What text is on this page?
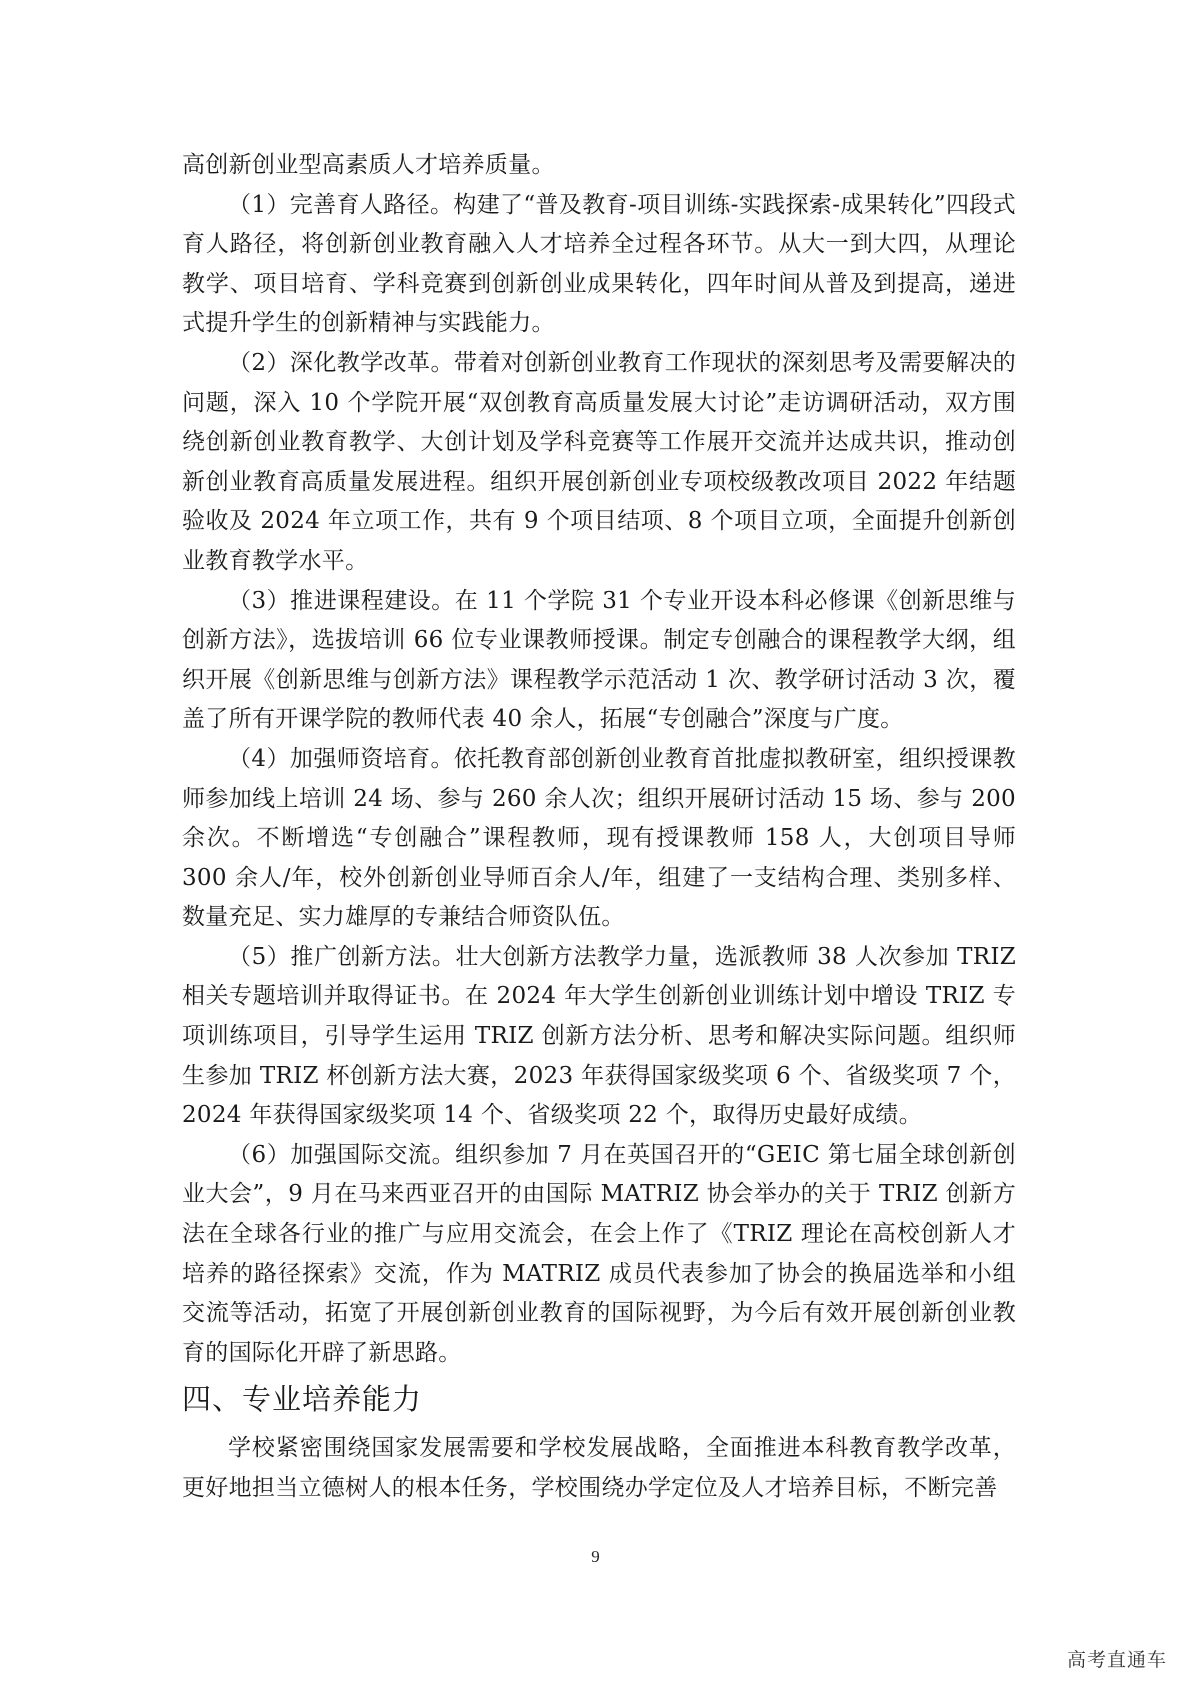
高创新创业型高素质人才培养质量。

（1）完善育人路径。构建了“普及教育-项目训练-实践探索-成果转化”四段式育人路径，将创新创业教育融入人才培养全过程各环节。从大一到大四，从理论教学、项目培育、学科竞赛到创新创业成果转化，四年时间从普及到提高，递进式提升学生的创新精神与实践能力。

（2）深化教学改革。带着对创新创业教育工作现状的深刻思考及需要解决的问题，深入 10 个学院开展“双创教育高质量发展大讨论”走访调研活动，双方围绕创新创业教育教学、大创计划及学科竞赛等工作展开交流并达成共识，推动创新创业教育高质量发展进程。组织开展创新创业专项校级教改项目 2022 年结题验收及 2024 年立项工作，共有 9 个项目结项、8 个项目立项，全面提升创新创业教育教学水平。

（3）推进课程建设。在 11 个学院 31 个专业开设本科必修课《创新思维与创新方法》，选拔培训 66 位专业课教师授课。制定专创融合的课程教学大纲，组织开展《创新思维与创新方法》课程教学示范活动 1 次、教学研讨活动 3 次，覆盖了所有开课学院的教师代表 40 余人，拓展“专创融合”深度与广度。

（4）加强师资培育。依托教育部创新创业教育首批虚拟教研室，组织授课教师参加线上培训 24 场、参与 260 余人次；组织开展研讨活动 15 场、参与 200 余次。不断增选“专创融合”课程教师，现有授课教师 158 人，大创项目导师 300 余人/年，校外创新创业导师百余人/年，组建了一支结构合理、类别多样、数量充足、实力雄厚的专兼结合师资队伍。

（5）推广创新方法。壮大创新方法教学力量，选派教师 38 人次参加 TRIZ 相关专题培训并取得证书。在 2024 年大学生创新创业训练计划中增设 TRIZ 专项训练项目，引导学生运用 TRIZ 创新方法分析、思考和解决实际问题。组织师生参加 TRIZ 杯创新方法大赛，2023 年获得国家级奖项 6 个、省级奖项 7 个，2024 年获得国家级奖项 14 个、省级奖项 22 个，取得历史最好成绩。

（6）加强国际交流。组织参加 7 月在英国召开的“GEIC 第七届全球创新创业大会”，9 月在马来西亚召开的由国际 MATRIZ 协会举办的关于 TRIZ 创新方法在全球各行业的推广与应用交流会，在会上作了《TRIZ 理论在高校创新人才培养的路径探索》交流，作为 MATRIZ 成员代表参加了协会的换届选举和小组交流等活动，拓宽了开展创新创业教育的国际视野，为今后有效开展创新创业教育的国际化开辟了新思路。

四、专业培养能力

学校紧密围绕国家发展需要和学校发展战略，全面推进本科教育教学改革，更好地担当立德树人的根本任务，学校围绕办学定位及人才培养目标，不断完善

9
高考直通车
